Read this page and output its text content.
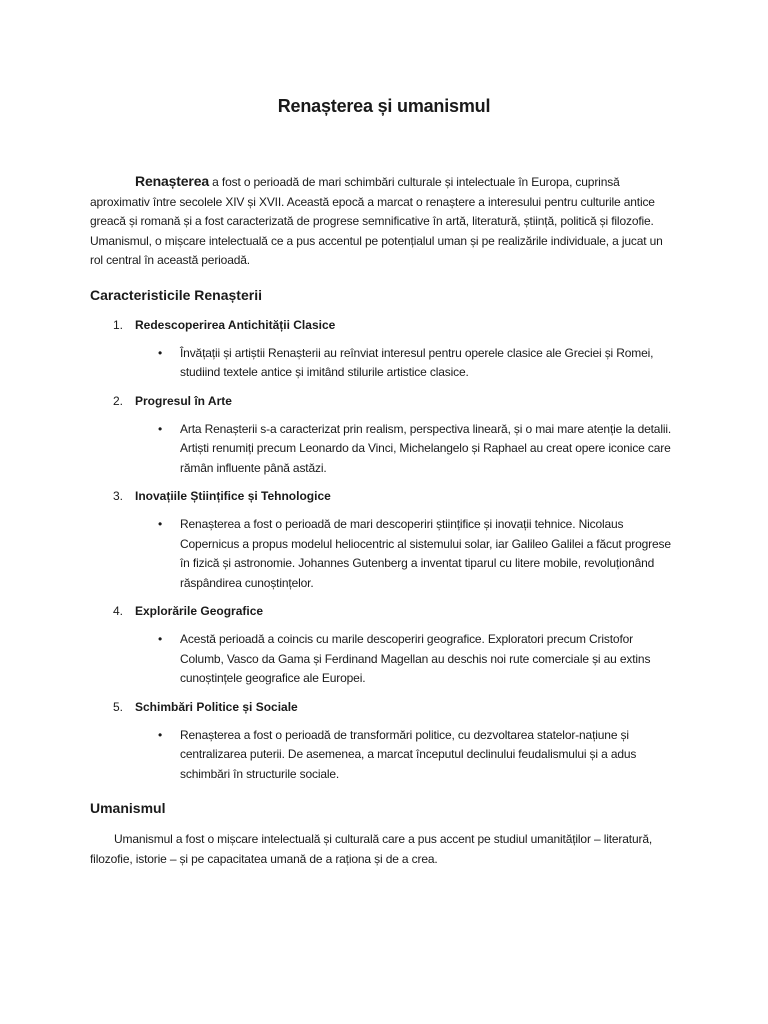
Renașterea și umanismul

Renașterea a fost o perioadă de mari schimbări culturale și intelectuale în Europa, cuprinsă aproximativ între secolele XIV și XVII. Această epocă a marcat o renaștere a interesului pentru culturile antice greacă și romană și a fost caracterizată de progrese semnificative în artă, literatură, știință, politică și filozofie. Umanismul, o mișcare intelectuală ce a pus accentul pe potențialul uman și pe realizările individuale, a jucat un rol central în această perioadă.

Caracteristicile Renașterii
1. Redescoperirea Antichității Clasice
•	Învățații și artiștii Renașterii au reînviat interesul pentru operele clasice ale Greciei și Romei, studiind textele antice și imitând stilurile artistice clasice.
2. Progresul în Arte
•	Arta Renașterii s-a caracterizat prin realism, perspectiva lineară, și o mai mare atenție la detalii. Artiști renumiți precum Leonardo da Vinci, Michelangelo și Raphael au creat opere iconice care rămân influente până astăzi.
3. Inovațiile Științifice și Tehnologice
•	Renașterea a fost o perioadă de mari descoperiri științifice și inovații tehnice. Nicolaus Copernicus a propus modelul heliocentric al sistemului solar, iar Galileo Galilei a făcut progrese în fizică și astronomie. Johannes Gutenberg a inventat tiparul cu litere mobile, revoluționând răspândirea cunoștințelor.
4. Explorările Geografice
•	Acestă perioadă a coincis cu marile descoperiri geografice. Exploratori precum Cristofor Columb, Vasco da Gama și Ferdinand Magellan au deschis noi rute comerciale și au extins cunoștințele geografice ale Europei.
5. Schimbări Politice și Sociale
•	Renașterea a fost o perioadă de transformări politice, cu dezvoltarea statelor-națiune și centralizarea puterii. De asemenea, a marcat începutul declinului feudalismului și a adus schimbări în structurile sociale.
Umanismul

Umanismul a fost o mișcare intelectuală și culturală care a pus accent pe studiul umanităților – literatură, filozofie, istorie – și pe capacitatea umană de a raționa și de a crea.
